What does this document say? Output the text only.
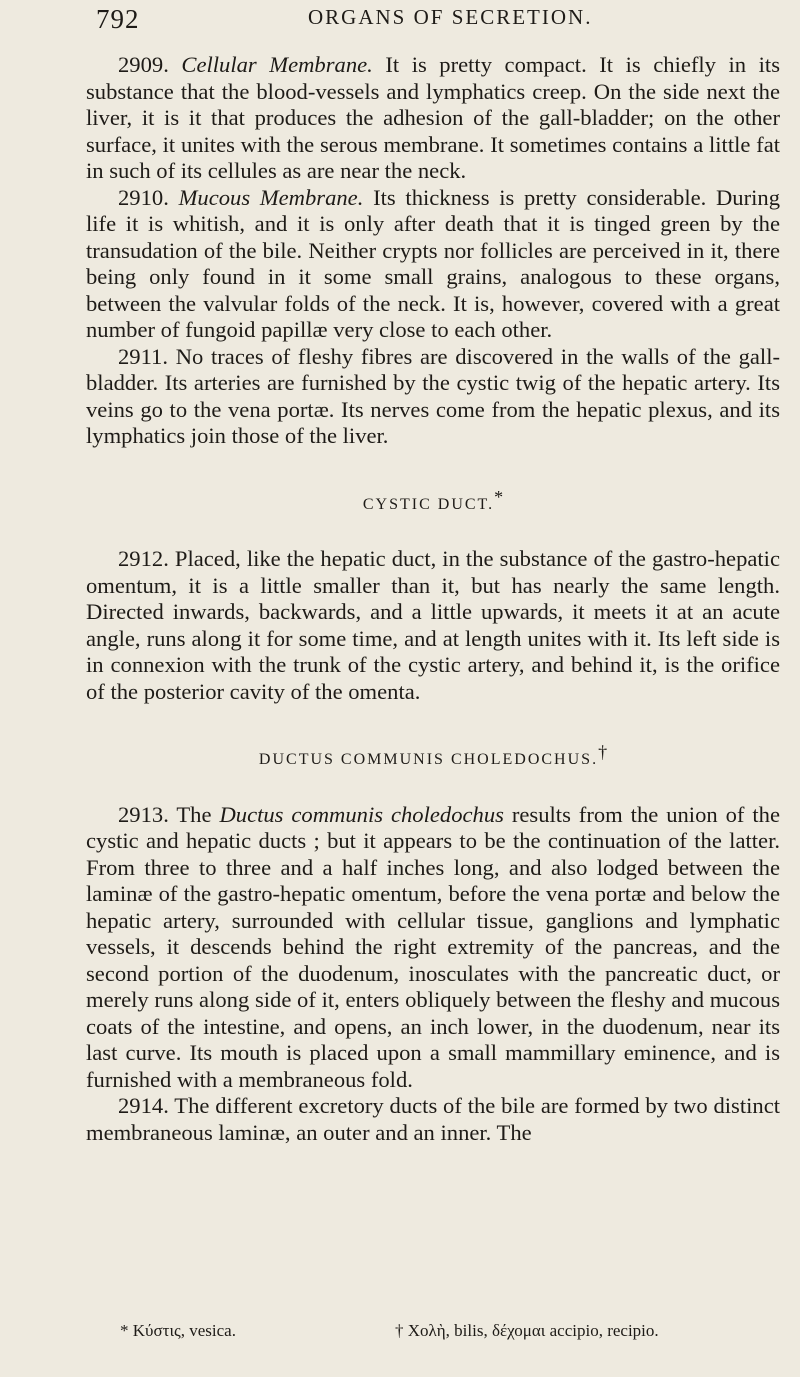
792	ORGANS OF SECRETION.

2909. Cellular Membrane. It is pretty compact. It is chiefly in its substance that the blood-vessels and lymphatics creep. On the side next the liver, it is it that produces the adhesion of the gall-bladder; on the other surface, it unites with the serous membrane. It sometimes contains a little fat in such of its cellules as are near the neck.

2910. Mucous Membrane. Its thickness is pretty considerable. During life it is whitish, and it is only after death that it is tinged green by the transudation of the bile. Neither crypts nor follicles are perceived in it, there being only found in it some small grains, analogous to these organs, between the valvular folds of the neck. It is, however, covered with a great number of fungoid papillæ very close to each other.

2911. No traces of fleshy fibres are discovered in the walls of the gall-bladder. Its arteries are furnished by the cystic twig of the hepatic artery. Its veins go to the vena portæ. Its nerves come from the hepatic plexus, and its lymphatics join those of the liver.

CYSTIC DUCT.*

2912. Placed, like the hepatic duct, in the substance of the gastro-hepatic omentum, it is a little smaller than it, but has nearly the same length. Directed inwards, backwards, and a little upwards, it meets it at an acute angle, runs along it for some time, and at length unites with it. Its left side is in connexion with the trunk of the cystic artery, and behind it, is the orifice of the posterior cavity of the omenta.

DUCTUS COMMUNIS CHOLEDOCHUS.†

2913. The Ductus communis choledochus results from the union of the cystic and hepatic ducts ; but it appears to be the continuation of the latter. From three to three and a half inches long, and also lodged between the laminæ of the gastro-hepatic omentum, before the vena portæ and below the hepatic artery, surrounded with cellular tissue, ganglions and lymphatic vessels, it descends behind the right extremity of the pancreas, and the second portion of the duodenum, inosculates with the pancreatic duct, or merely runs along side of it, enters obliquely between the fleshy and mucous coats of the intestine, and opens, an inch lower, in the duodenum, near its last curve. Its mouth is placed upon a small mammillary eminence, and is furnished with a membraneous fold.

2914. The different excretory ducts of the bile are formed by two distinct membraneous laminæ, an outer and an inner. The

* Κύστις, vesica.	† Χολὴ, bilis, δέχομαι accipio, recipio.
